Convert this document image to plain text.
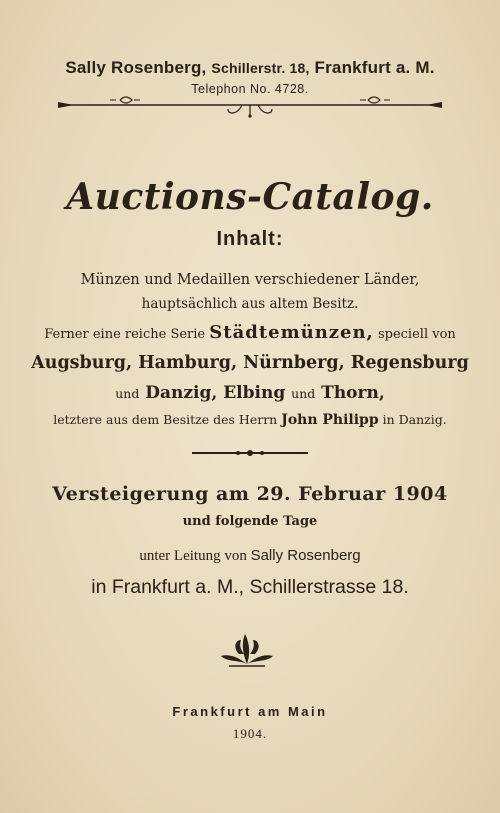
Sally Rosenberg, Schillerstr. 18, Frankfurt a. M.
Telephon No. 4728.
Auctions-Catalog.
Inhalt:
Münzen und Medaillen verschiedener Länder,
hauptsächlich aus altem Besitz.
Ferner eine reiche Serie Städtemünzen, speciell von
Augsburg, Hamburg, Nürnberg, Regensburg
und Danzig, Elbing und Thorn,
letztere aus dem Besitze des Herrn John Philipp in Danzig.
Versteigerung am 29. Februar 1904
und folgende Tage
unter Leitung von Sally Rosenberg
in Frankfurt a. M., Schillerstrasse 18.
Frankfurt am Main
1904.
